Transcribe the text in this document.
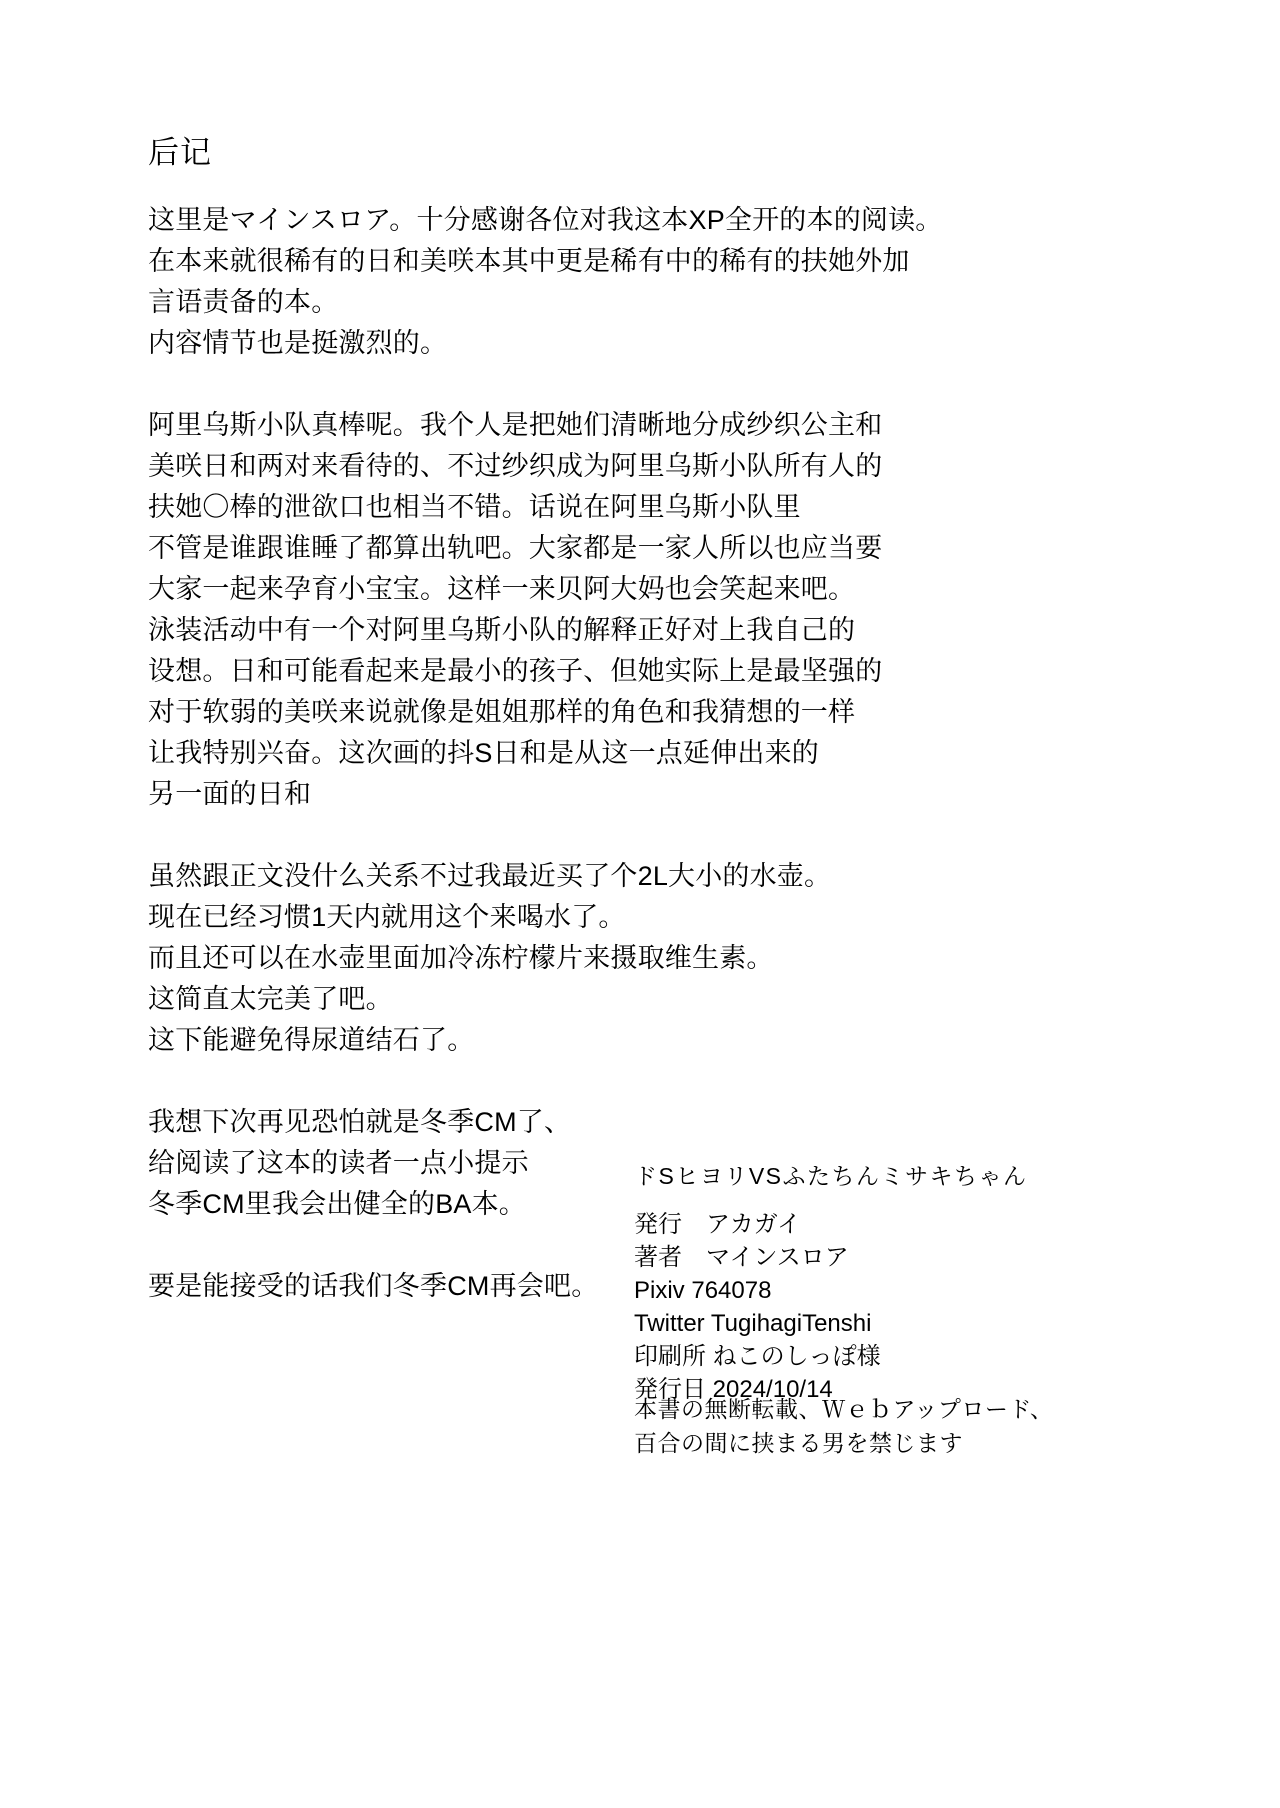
后记

这里是マインスロア。十分感谢各位对我这本XP全开的本的阅读。

在本来就很稀有的日和美咲本其中更是稀有中的稀有的扶她外加

言语责备的本。

内容情节也是挺激烈的。

阿里乌斯小队真棒呢。我个人是把她们清晰地分成纱织公主和

美咲日和两对来看待的、不过纱织成为阿里乌斯小队所有人的

扶她〇棒的泄欲口也相当不错。话说在阿里乌斯小队里

不管是谁跟谁睡了都算出轨吧。大家都是一家人所以也应当要

大家一起来孕育小宝宝。这样一来贝阿大妈也会笑起来吧。

泳装活动中有一个对阿里乌斯小队的解释正好对上我自己的

设想。日和可能看起来是最小的孩子、但她实际上是最坚强的

对于软弱的美咲来说就像是姐姐那样的角色和我猜想的一样

让我特别兴奋。这次画的抖S日和是从这一点延伸出来的

另一面的日和

虽然跟正文没什么关系不过我最近买了个2L大小的水壶。

现在已经习惯1天内就用这个来喝水了。

而且还可以在水壶里面加冷冻柠檬片来摄取维生素。

这简直太完美了吧。

这下能避免得尿道结石了。

我想下次再见恐怕就是冬季CM了、

给阅读了这本的读者一点小提示

冬季CM里我会出健全的BA本。

要是能接受的话我们冬季CM再会吧。

ドSヒヨリVSふたちんミサキちゃん
発行　アカガイ
著者　マインスロア
Pixiv 764078
Twitter TugihagiTenshi
印刷所 ねこのしっぽ様
発行日 2024/10/14
本書の無断転載、Ｗｅｂアップロード、
百合の間に挟まる男を禁じます
